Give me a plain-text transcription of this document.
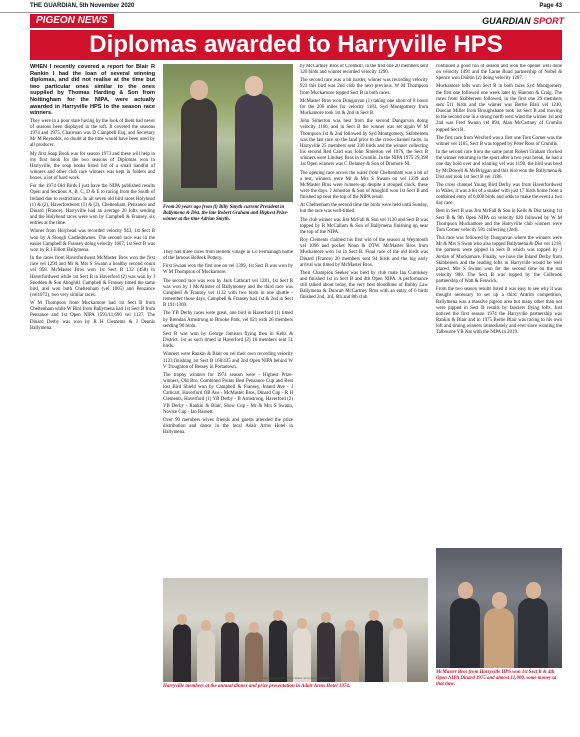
THE GUARDIAN, 5th November 2020	Page 43
PIGEON NEWS	GUARDIAN SPORT
Diplomas awarded to Harryville HPS

WHEN I recently covered a report for Blair R Rankin I had the loan of several winning diplomas, and did not realise at the time but two particular ones similar to the ones supplied by Thomas Harding & Son from Nottingham for the NIPA, were actually awarded in Harryville HPS to the season race winners.

They were in a poor state having by the look of them had never of seasons been displayed in the loft. It covered the seasons 1974 and 1975, Chairman was D Campbell Esq, and Secretary Mr M Reynolds, no doubt at the time would have been used by all producer.

My first Soap Book was for season 1973 and these will help in my first book for the two seasons of Diplomas won in Harryville, the soap books listed list of a small handful of winners and other club race winners was kept in folders and boxes, a lot of hard work.

For the 1974 Old Birds I just have the NIPA published results Open and Sections A, B, C, D & E to racing from the South of Ireland due to restrictions. In all seven old bird races Holyhead (1) & (2), Haverfordwest (1) & (2), Cheltenham, Penzance and Dinard (France). Harryville had an average 20 lofts sending and the Holyhead races were won by Campbell & Fransey, six entries at the time.

Winner from Holyhead was recorded velocity 943, 1st Sect B won by A Slough Castledownes. The second race was in the easier Campbell & Fransey doing velocity 1667, 1st Sect B was won by R J Elliott Ballymena.

In the races from Haverfordwest McMaster Bros won the first race vel 1294 and Mr & Mrs S Swann a healthy second count vel 958. McMaster Bros won 1st Sect B 132 (458) in Haverfordwest while 1st Sect B in Haverford (2) was won by J Snodden & Son Ahoghill. Campbell & Fransey timed the same bird, and won both Cheltenham (vel 1005) and Penzance (vel1072), two very similar races.

W M Thompson from Muckamore had 1st Sect B from Cheltenham while W Bird from Ballymena had 1st Sect B from Penzance and 1st Open NIPA 1591/11,690 vel 1127. The Dinard Derby was won by R H Clements & J Dennis Ballymena.

From 20 years ago from (l) Billy Smyth current President in Ballymena & Dist. the late Robert Graham and Highest Prize-winner at the time Adrian Smyth.

They had three races from Bellerk village in Co Fermanagh home of the famous Belleek Pottery.

First Swaan won the first one on vel 1399, 1st Sect B was won by W M Thompson of Muckamore.

The second race was won by Jack Cathcart vel 1281, 1st Sect B was won by J McAllister of Ballymoney and the third race was Campbell & Fransey vel 1132 with two birds in one shuttle - remember those days, Campbell & Fransey had 1st & 2nd in Sect B 191/1369.

The YB Derby races were great, one bird in Haverford (1) timed by Brendan Armstrong to Brooke Park, vel 621 with 26 members sending 90 birds.

Sect B was won by George Jamison flying then in Kells & District. 1st as such timed in Haverford (2) 18 members sent 51 birds.

Winners were Rankin & Blair on vel their own recording velocity 1123 finishing 1st Sect B 168/435 and 2nd Open NIPA behind W V Troughton of Bessey in Portadown.

The trophy winners for 1974 season were - Highest Prize-winners, Old Bro, Combined Points Best Penzance Cup and Best lost Bird Shield won by Campbell & Fransey, Inland Ave - J Cathcart, Haverford OB Ave - McMaster Bros, Dinard Cup - R H Clements, Haverford (1) YB Derby - B Armstrong, Haverford (2) YB Derby - Rankin & Blair, Show Cup - Mr & Mrs S Swann, Novice Cup - Ian Barnett.

Over 90 members wives friends and guests attended the prize distribution and dance in the local Adair Arms Hotel in Ballymena.

by McCartney Bros of Cromkill, in the first one 20 members sent 326 birds and winner recorded velocity 1290.

The second race was a bit harder, winner was recording velocity 923 this bird was 2nd club the next previous. W M Thompson from Muckamore topped Sect B in both races.

McMaster Bros won Dungarvan (1) taking one short of 8 hours for the 200 miles for velocity 1183, Syd Montgomery from Muckamore took 1st & 2nd in Sect B.

John Simerton was best from the second Dungarvan doing velocity 1166, and in Sect B the winner was set again W M Thompson 1st & 2nd followed by Syd Montgomery, Skibbereen was the last race on the land prior to the cross-channel races, in Harryville 25 members sent 230 birds and the winner collecting his second Red Card was John Simerton vel 1076, the Sect B winners were Lindsey Bros in Crumlin. In the NIPA 1975 29,398 1st Open winners was C Delaney & Son of Dromore NI.

The opening race across the water from Cheltenham was a bit of a test, winners were Mr & Mrs S Swann on vel 1239 and McMaster Bros were runners-up despite a stooped clock, these were the days. J Johnston & Son of Ahoghill won 1st Sect B and finished up near the top of the NIPA result.

At Cheltenham the second time the birds were held until Sunday, but the race was well-timed.

The club winner was Jim McFall & Son vel 1130 and Sect B was topped by R McCallum & Son of Ballymena finishing up near the top of the NIPA.

Roy Clements claimed his first win of the season at Weymouth vel 1096 and pocket Noon & DTW. McMaster Bros from Muckamore won 1st in Sect B. Final race of the old birds was Dinard (France) 20 members sent 94 birds and the big early arrival was timed by McMaster Bros.

Their Champion Seeker was bred by club mate Ian Cumiskey and finished 1st in Sect B and 4th Open NIPA. A performance still talked about today, the very best bloodlines of Bobby Law Ballymena & Duncan McCartney Bros with an entry of 6 birds finished 2nd, 3rd, 6th and 8th club.

continued a good run of season and won the opener well done on velocity 1491 and the Larne Road partnership of Nobel & Spence won Dublin (2) doing velocity 1287.

Muckamore lofts won Sect B in both races Syd Montgomery the first one followed one week later by Hannon & Craig. The races from Skibbereen followed, in the first one 29 members sent 511 birds and the winner was Bertie Blair vel 1240, Duncan Miller from Broughshane took 1st Sect B and moving to the second one in a strong north west wind the winner 1st and 2nd was Fred Swann vel 894, Alan McCartney of Crumlin topped Sect B.

The first race from Wexford was a first one Tom Corner was the winner vel 1165, Sect B was topped by Peter Ross of Crumlin.

In the second race from the same point Robert Graham clocked the winner returning to the sport after a two year break, he had a one day hold over and winning vel was 1190, the bird was bred by McDowell & McBriggan and this bird won the Ballymena & Dist and took 1st Sect B vel 1186.

The cross channel Young Bird Derby was from Haverfordwest in Wales, it was a bit of a snaker with just 17 birds home from a combined entry of 6,000 birds and odds to make the event a two day race.

Best in Sect B was Jim McFall & Son in Kells & Dist taking 1st Sect B & 9th Open NIPA on velocity 620 followed by W M Thompson Muckamore and the Harryville club winners were Tom Corner velocity 581 collecting (2nd).

This race was followed by Dungarvan where the winners were Mr & Mrs S Swan who also topped Ballymena & Dist vel 1218, the partners were pipped in Sect B which was topped by J Jordan of Muckamore. Finally, we have the Inland Derby from Skibbereen and the leading lofts in Harryville would be well placed, Mrs S Swann won for the second time on the run velocity 900. The Sect B was topped by the Culbrook partnership of Watt & Fenwick.

From the two season results listed it was easy to see why it was thought necessary to set up a third Antrim competition, Ballymena was a massive pigeon area but many other than not were pipped in Sect B results by fanciers flying lofts. Just noticed the first season 1974 the Harryville partnership was Rankin & Blair and in 1975 Bertie Blair was racing to his own loft and timing winners immediately and ever since winning the Talbourne YB Nat with the NIPA in 2019.

Prize-winners at the annual dinner and prize presentation
Harryville members at the annual dinner and prize presentation in Adair Arms Hotel 1974.
McMaster Bros from Harryville HPS won 1st Sect B & 4th Open NIPA Dinard 1975 and almost £1,000, some money at that time.
